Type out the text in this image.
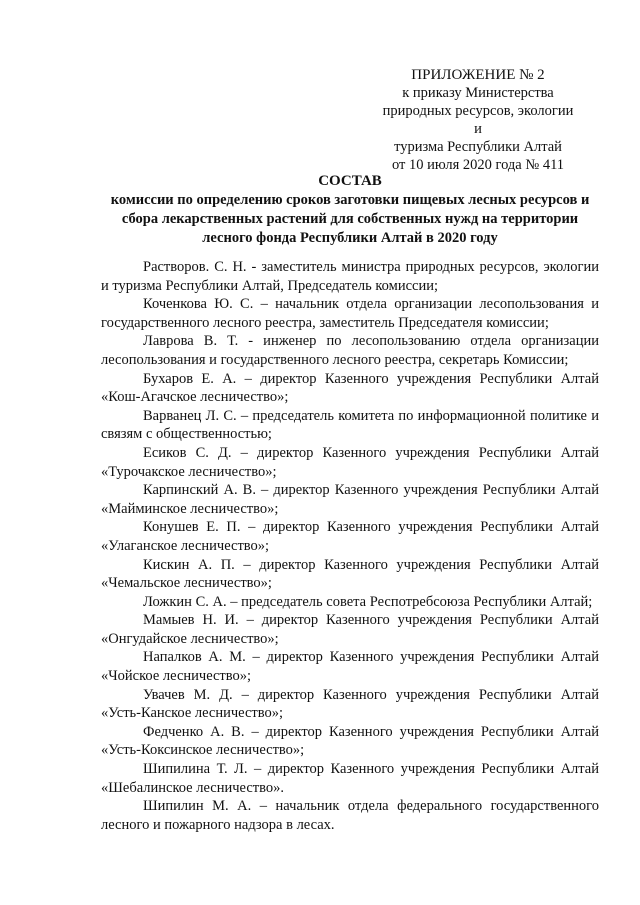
ПРИЛОЖЕНИЕ № 2
к приказу Министерства
природных ресурсов, экологии и
туризма Республики Алтай
от 10 июля 2020 года № 411
СОСТАВ
комиссии по определению сроков заготовки пищевых лесных ресурсов и
сбора лекарственных растений для собственных нужд на территории
лесного фонда Республики Алтай в 2020 году
Растворов. С. Н. - заместитель министра природных ресурсов, экологии и туризма Республики Алтай, Председатель комиссии;
Коченкова Ю. С. – начальник отдела организации лесопользования и государственного лесного реестра, заместитель Председателя комиссии;
Лаврова В. Т. - инженер по лесопользованию отдела организации лесопользования и государственного лесного реестра, секретарь Комиссии;
Бухаров Е. А. – директор Казенного учреждения Республики Алтай «Кош-Агачское лесничество»;
Варванец Л. С. – председатель комитета по информационной политике и связям с общественностью;
Есиков С. Д. – директор Казенного учреждения Республики Алтай «Турочакское лесничество»;
Карпинский А. В. – директор Казенного учреждения Республики Алтай «Майминское лесничество»;
Конушев Е. П. – директор Казенного учреждения Республики Алтай «Улаганское лесничество»;
Кискин А. П. – директор Казенного учреждения Республики Алтай «Чемальское лесничество»;
Ложкин С. А. – председатель совета Респотребсоюза Республики Алтай;
Мамыев Н. И. – директор Казенного учреждения Республики Алтай «Онгудайское лесничество»;
Напалков А. М. – директор Казенного учреждения Республики Алтай «Чойское лесничество»;
Увачев М. Д. – директор Казенного учреждения Республики Алтай «Усть-Канское лесничество»;
Федченко А. В. – директор Казенного учреждения Республики Алтай «Усть-Коксинское лесничество»;
Шипилина Т. Л. – директор Казенного учреждения Республики Алтай «Шебалинское лесничество».
Шипилин М. А. – начальник отдела федерального государственного лесного и пожарного надзора в лесах.
